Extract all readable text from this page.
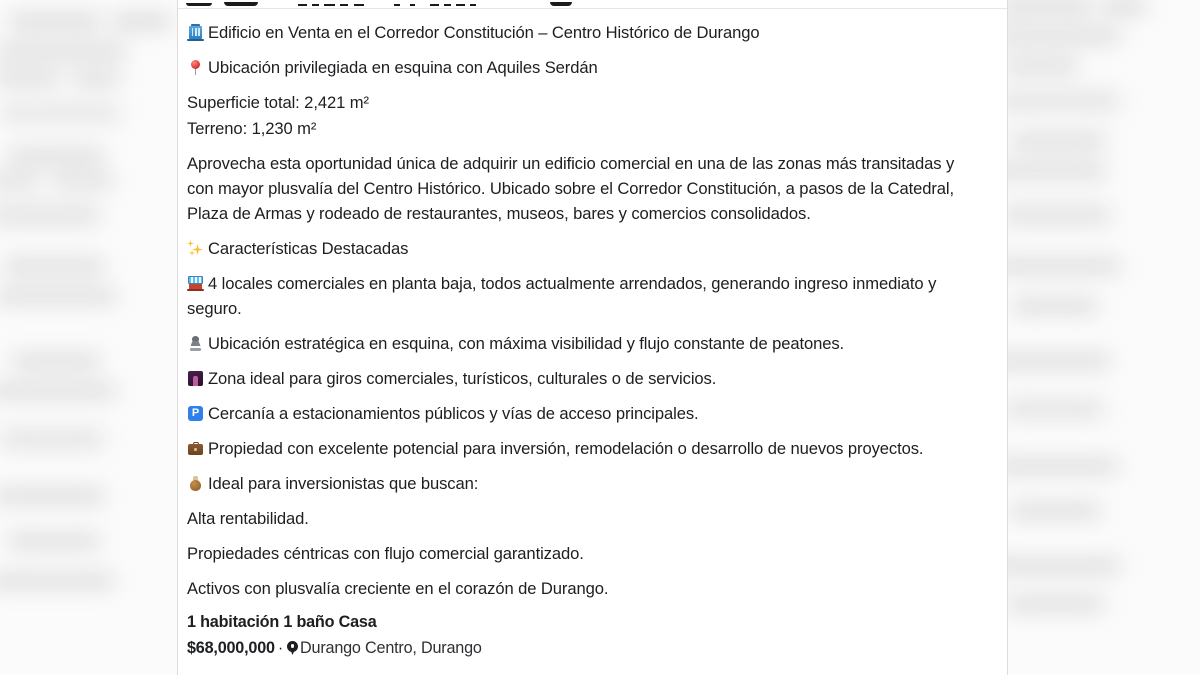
Edificio en Venta en el Corredor Constitución – Centro Histórico de Durango
Ubicación privilegiada en esquina con Aquiles Serdán
Superficie total: 2,421 m²
Terreno: 1,230 m²
Aprovecha esta oportunidad única de adquirir un edificio comercial en una de las zonas más transitadas y con mayor plusvalía del Centro Histórico. Ubicado sobre el Corredor Constitución, a pasos de la Catedral, Plaza de Armas y rodeado de restaurantes, museos, bares y comercios consolidados.
Características Destacadas
4 locales comerciales en planta baja, todos actualmente arrendados, generando ingreso inmediato y seguro.
Ubicación estratégica en esquina, con máxima visibilidad y flujo constante de peatones.
Zona ideal para giros comerciales, turísticos, culturales o de servicios.
P Cercanía a estacionamientos públicos y vías de acceso principales.
Propiedad con excelente potencial para inversión, remodelación o desarrollo de nuevos proyectos.
Ideal para inversionistas que buscan:
Alta rentabilidad.
Propiedades céntricas con flujo comercial garantizado.
Activos con plusvalía creciente en el corazón de Durango.
1 habitación 1 baño Casa
$68,000,000 · Durango Centro, Durango
